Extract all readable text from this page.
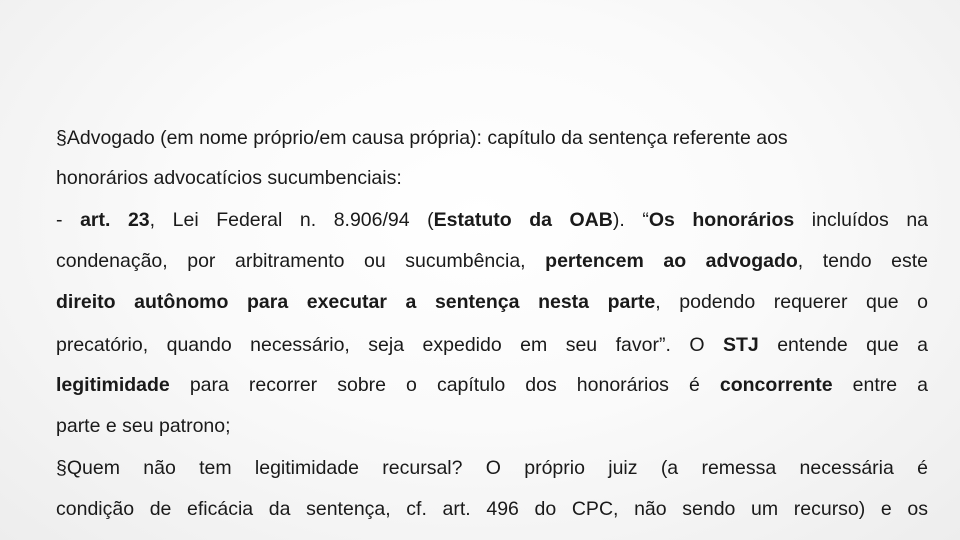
§Advogado (em nome próprio/em causa própria): capítulo da sentença referente aos
honorários advocatícios sucumbenciais:
- art. 23, Lei Federal n. 8.906/94 (Estatuto da OAB). “Os honorários incluídos na
condenação, por arbitramento ou sucumbência, pertencem ao advogado, tendo este
direito autônomo para executar a sentença nesta parte, podendo requerer que o
precatório, quando necessário, seja expedido em seu favor”. O STJ entende que a
legitimidade para recorrer sobre o capítulo dos honorários é concorrente entre a
parte e seu patrono;
§Quem não tem legitimidade recursal? O próprio juiz (a remessa necessária é
condição de eficácia da sentença, cf. art. 496 do CPC, não sendo um recurso) e os
